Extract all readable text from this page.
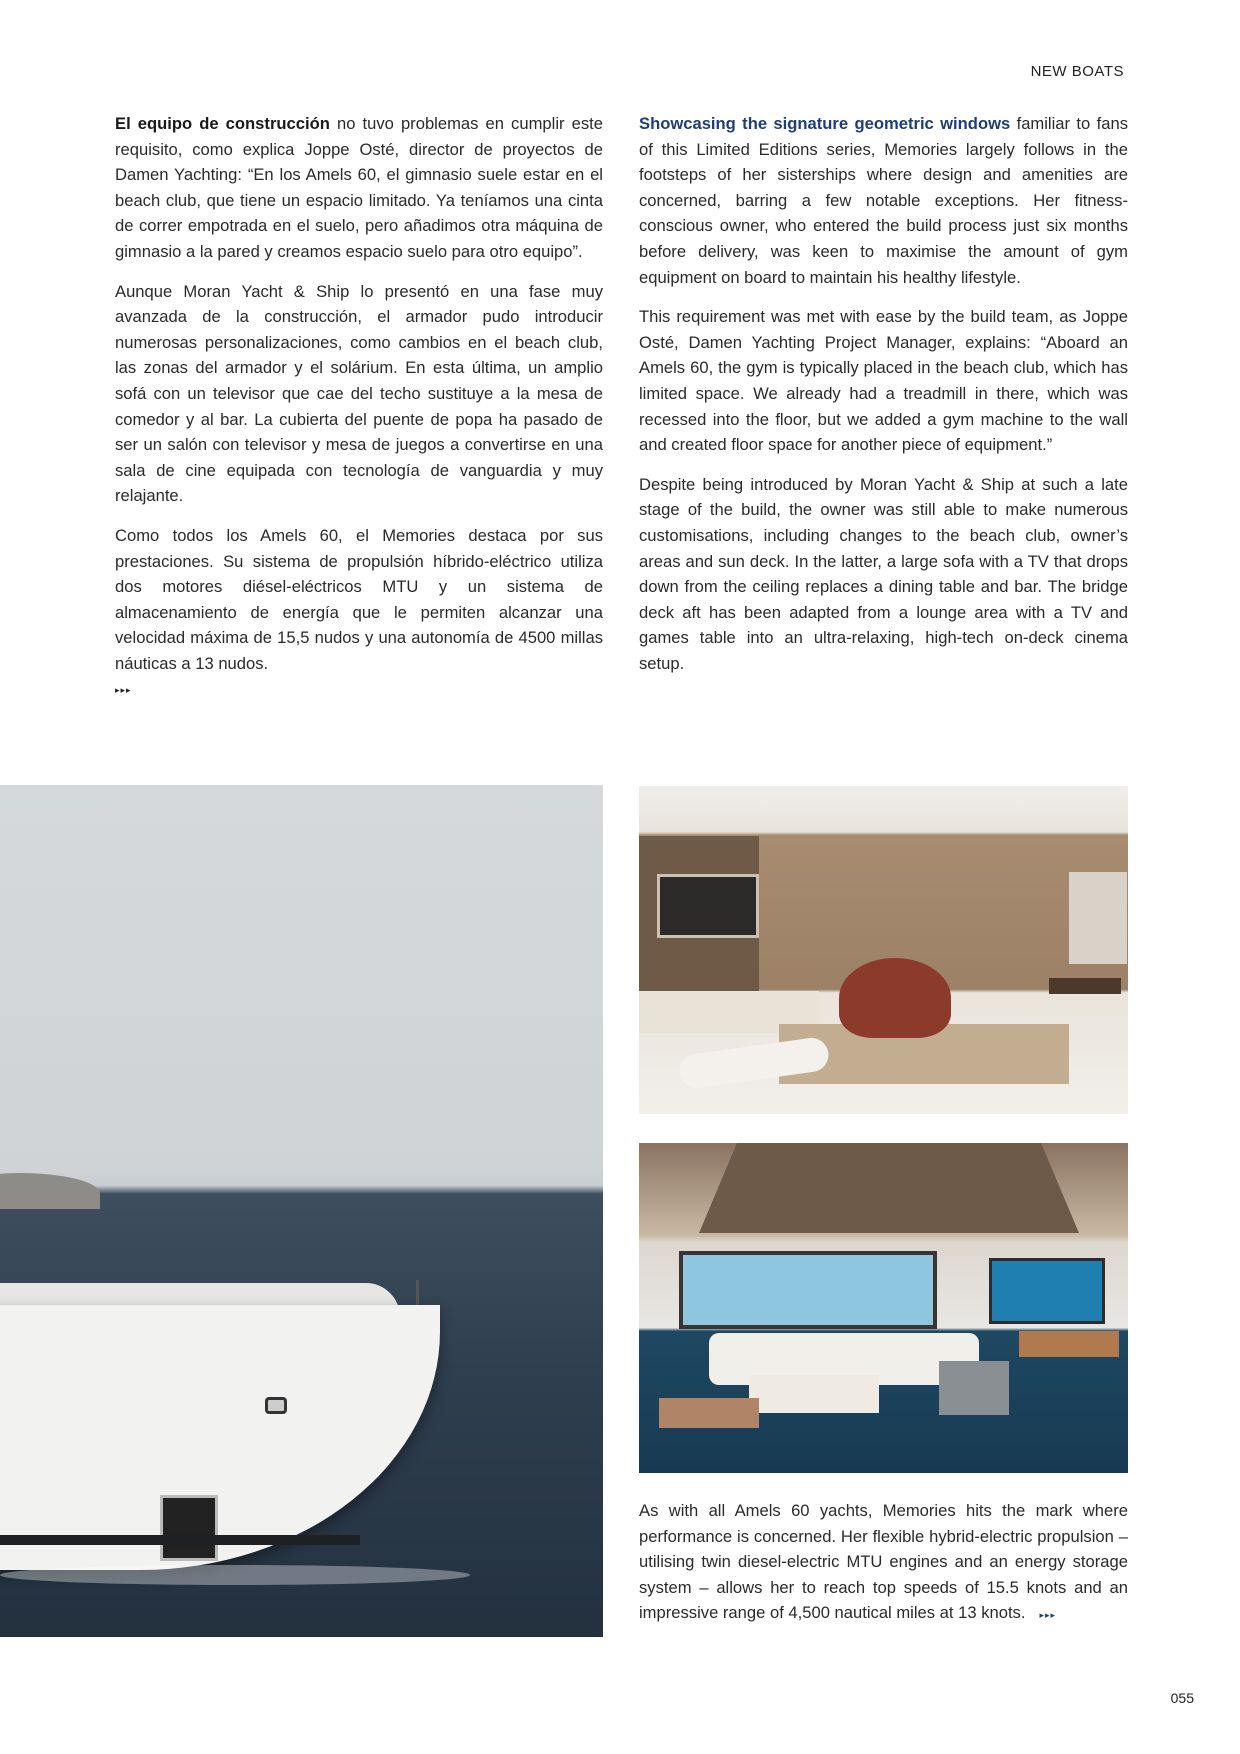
NEW BOATS

El equipo de construcción no tuvo problemas en cumplir este requisito, como explica Joppe Osté, director de proyectos de Damen Yachting: “En los Amels 60, el gimnasio suele estar en el beach club, que tiene un espacio limitado. Ya teníamos una cinta de correr empotrada en el suelo, pero añadimos otra máquina de gimnasio a la pared y creamos espacio suelo para otro equipo”.

Aunque Moran Yacht & Ship lo presentó en una fase muy avanzada de la construcción, el armador pudo introducir numerosas personalizaciones, como cambios en el beach club, las zonas del armador y el solárium. En esta última, un amplio sofá con un televisor que cae del techo sustituye a la mesa de comedor y al bar. La cubierta del puente de popa ha pasado de ser un salón con televisor y mesa de juegos a convertirse en una sala de cine equipada con tecnología de vanguardia y muy relajante.

Como todos los Amels 60, el Memories destaca por sus prestaciones. Su sistema de propulsión híbrido-eléctrico utiliza dos motores diésel-eléctricos MTU y un sistema de almacenamiento de energía que le permiten alcanzar una velocidad máxima de 15,5 nudos y una autonomía de 4500 millas náuticas a 13 nudos.

▸▸▸

Showcasing the signature geometric windows familiar to fans of this Limited Editions series, Memories largely follows in the footsteps of her sisterships where design and amenities are concerned, barring a few notable exceptions. Her fitness-conscious owner, who entered the build process just six months before delivery, was keen to maximise the amount of gym equipment on board to maintain his healthy lifestyle.

This requirement was met with ease by the build team, as Joppe Osté, Damen Yachting Project Manager, explains: “Aboard an Amels 60, the gym is typically placed in the beach club, which has limited space. We already had a treadmill in there, which was recessed into the floor, but we added a gym machine to the wall and created floor space for another piece of equipment.”

Despite being introduced by Moran Yacht & Ship at such a late stage of the build, the owner was still able to make numerous customisations, including changes to the beach club, owner’s areas and sun deck. In the latter, a large sofa with a TV that drops down from the ceiling replaces a dining table and bar. The bridge deck aft has been adapted from a lounge area with a TV and games table into an ultra-relaxing, high-tech on-deck cinema setup.

As with all Amels 60 yachts, Memories hits the mark where performance is concerned. Her flexible hybrid-electric propulsion – utilising twin diesel-electric MTU engines and an energy storage system – allows her to reach top speeds of 15.5 knots and an impressive range of 4,500 nautical miles at 13 knots. ▸▸▸

055
